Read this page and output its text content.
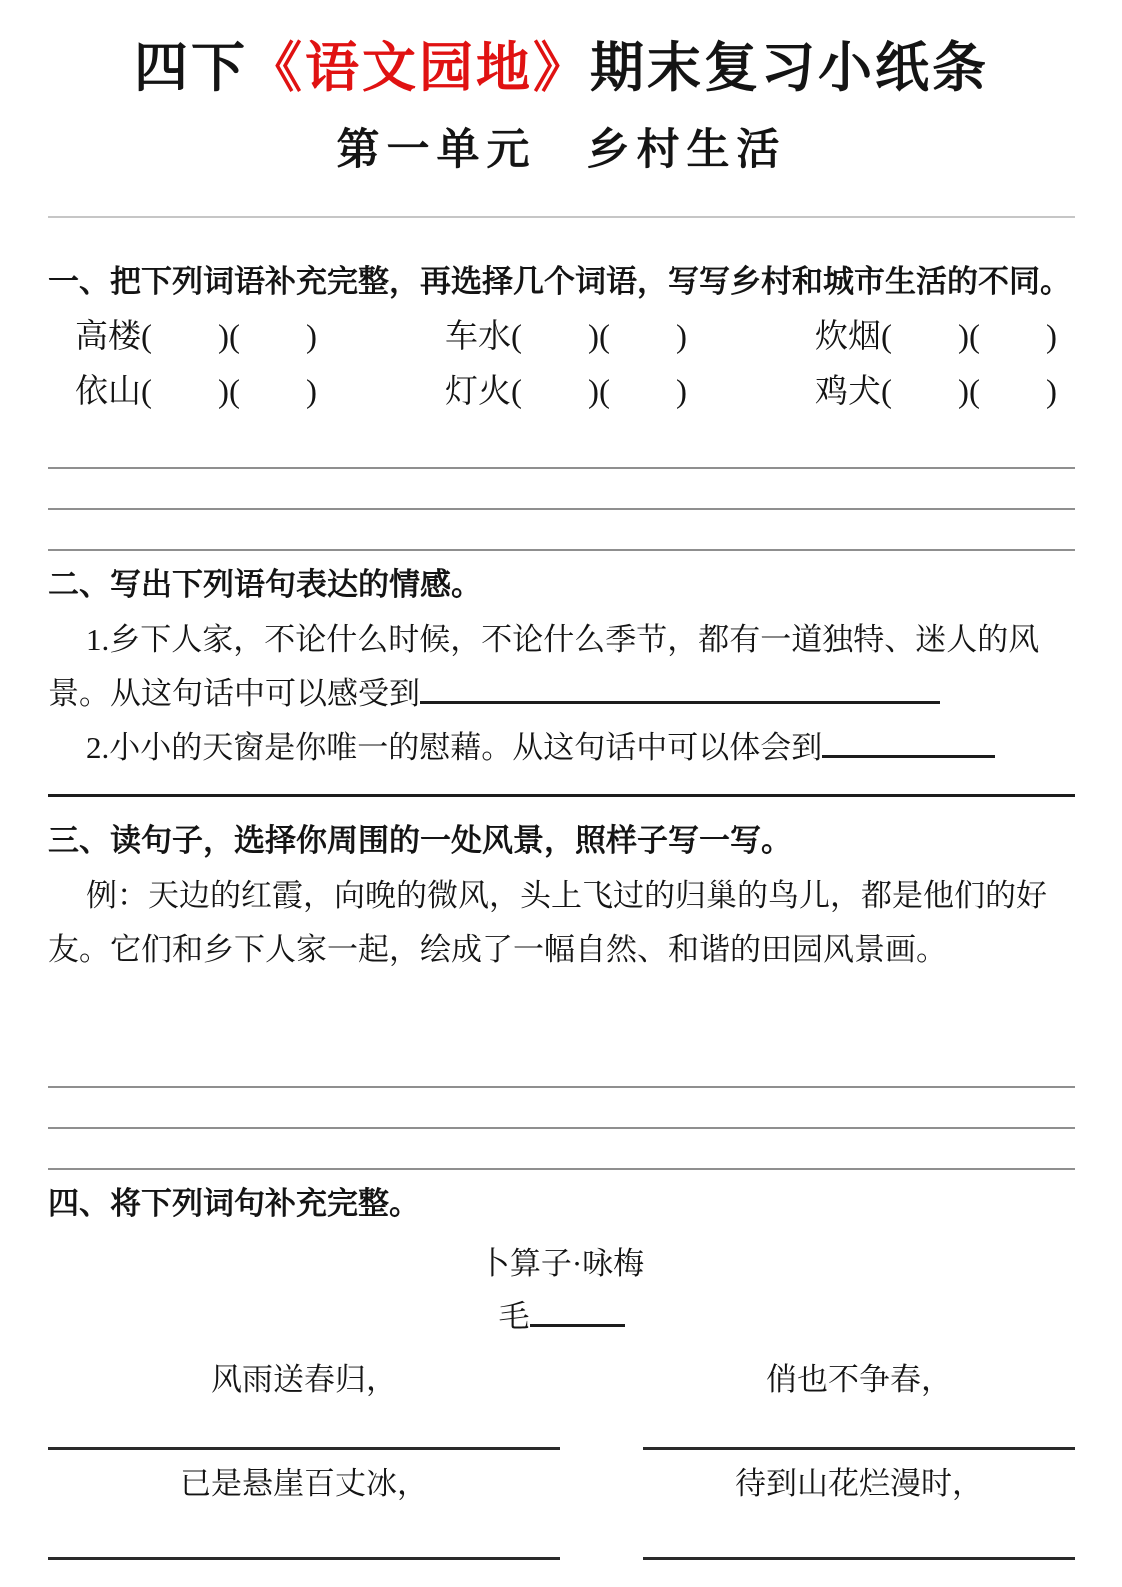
四下《语文园地》期末复习小纸条
第一单元　乡村生活

一、把下列词语补充完整，再选择几个词语，写写乡村和城市生活的不同。

高楼(　　)(　　)	车水(　　)(　　)	炊烟(　　)(　　)
依山(　　)(　　)	灯火(　　)(　　)	鸡犬(　　)(　　)

二、写出下列语句表达的情感。

1.乡下人家，不论什么时候，不论什么季节，都有一道独特、迷人的风景。从这句话中可以感受到

2.小小的天窗是你唯一的慰藉。从这句话中可以体会到

三、读句子，选择你周围的一处风景，照样子写一写。

例：天边的红霞，向晚的微风，头上飞过的归巢的鸟儿，都是他们的好友。它们和乡下人家一起，绘成了一幅自然、和谐的田园风景画。

四、将下列词句补充完整。

卜算子·咏梅

毛

风雨送春归，

已是悬崖百丈冰，

俏也不争春，

待到山花烂漫时，
